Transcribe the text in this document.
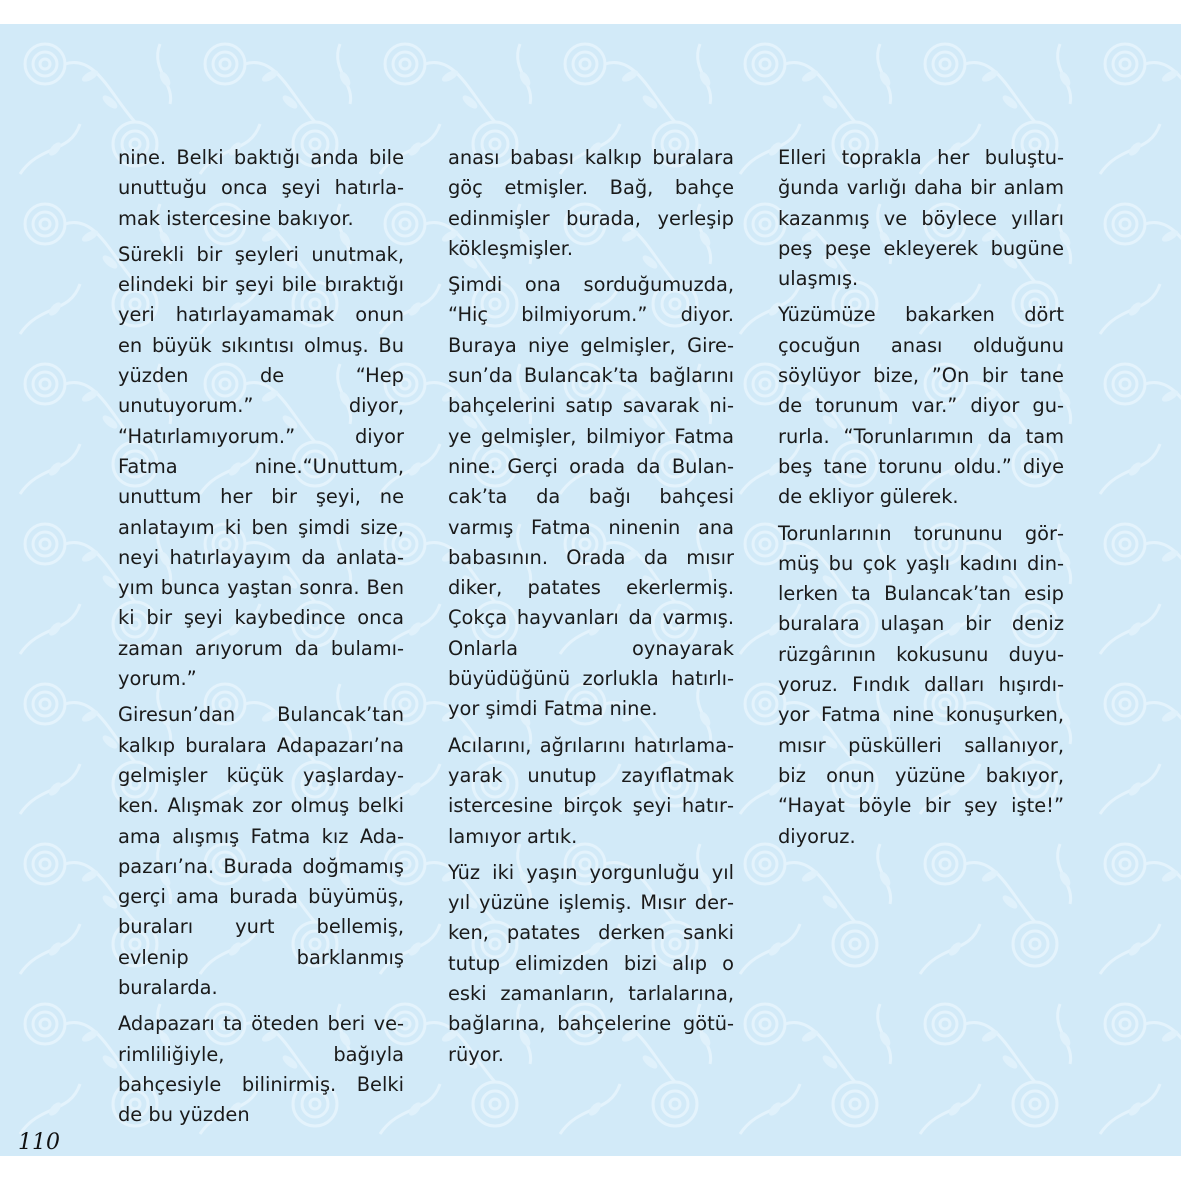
nine. Belki baktığı anda bile unuttuğu onca şeyi hatırlamak istercesine bakıyor.

Sürekli bir şeyleri unutmak, elindeki bir şeyi bile bıraktığı yeri hatırlayamamak onun en büyük sıkıntısı olmuş. Bu yüzden de “Hep unutuyorum.” diyor, “Hatırlamıyorum.” diyor Fatma nine.“Unuttum, unuttum her bir şeyi, ne anlatayım ki ben şimdi size, neyi hatırlayayım da anlatayım bunca yaştan sonra. Ben ki bir şeyi kaybedince onca zaman arıyorum da bulamıyorum.”

Giresun’dan Bulancak’tan kalkıp buralara Adapazarı’na gelmişler küçük yaşlardayken. Alışmak zor olmuş belki ama alışmış Fatma kız Adapazarı’na. Burada doğmamış gerçi ama burada büyümüş, buraları yurt bellemiş, evlenip barklanmış buralarda.

Adapazarı ta öteden beri verimliliğiyle, bağıyla bahçesiyle bilinirmiş. Belki de bu yüzden

anası babası kalkıp buralara göç etmişler. Bağ, bahçe edinmişler burada, yerleşip kökleşmişler.

Şimdi ona sorduğumuzda, “Hiç bilmiyorum.” diyor. Buraya niye gelmişler, Giresun’da Bulancak’ta bağlarını bahçelerini satıp savarak niye gelmişler, bilmiyor Fatma nine. Gerçi orada da Bulancak’ta da bağı bahçesi varmış Fatma ninenin ana babasının. Orada da mısır diker, patates ekerlermiş. Çokça hayvanları da varmış. Onlarla oynayarak büyüdüğünü zorlukla hatırlıyor şimdi Fatma nine.

Acılarını, ağrılarını hatırlamayarak unutup zayıflatmak istercesine birçok şeyi hatırlamıyor artık.

Yüz iki yaşın yorgunluğu yıl yıl yüzüne işlemiş. Mısır derken, patates derken sanki tutup elimizden bizi alıp o eski zamanların, tarlalarına, bağlarına, bahçelerine götürüyor.

Elleri toprakla her buluştuğunda varlığı daha bir anlam kazanmış ve böylece yılları peş peşe ekleyerek bugüne ulaşmış.

Yüzümüze bakarken dört çocuğun anası olduğunu söylüyor bize, ”On bir tane de torunum var.” diyor gururla. “Torunlarımın da tam beş tane torunu oldu.” diye de ekliyor gülerek.

Torunlarının torununu görmüş bu çok yaşlı kadını dinlerken ta Bulancak’tan esip buralara ulaşan bir deniz rüzgârının kokusunu duyuyoruz. Fındık dalları hışırdıyor Fatma nine konuşurken, mısır püskülleri sallanıyor, biz onun yüzüne bakıyor, “Hayat böyle bir şey işte!” diyoruz.

110
